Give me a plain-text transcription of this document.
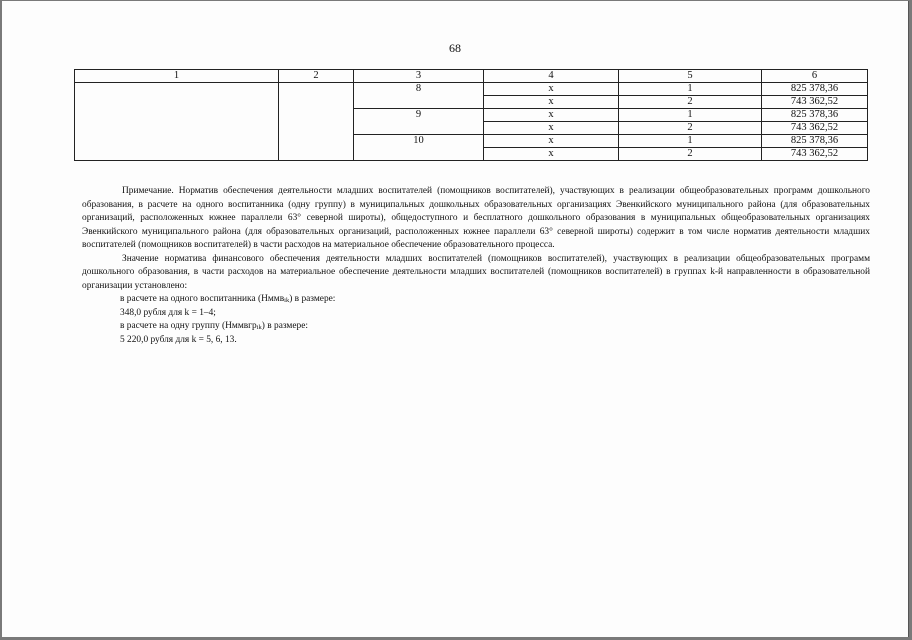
68
1	2	3	4	5	6
		8	х	1	825 378,36
			х	2	743 362,52
		9	х	1	825 378,36
			х	2	743 362,52
		10	х	1	825 378,36
			х	2	743 362,52

Примечание. Норматив обеспечения деятельности младших воспитателей (помощников воспитателей), участвующих в реализации общеобразовательных программ дошкольного образования, в расчете на одного воспитанника (одну группу) в муниципальных дошкольных образовательных организациях Эвенкийского муниципального района (для образовательных организаций, расположенных южнее параллели 63° северной широты), общедоступного и бесплатного дошкольного образования в муниципальных общеобразовательных организациях Эвенкийского муниципального района (для образовательных организаций, расположенных южнее параллели 63° северной широты) содержит в том числе норматив деятельности младших воспитателей (помощников воспитателей) в части расходов на материальное обеспечение образовательного процесса.

Значение норматива финансового обеспечения деятельности младших воспитателей (помощников воспитателей), участвующих в реализации общеобразовательных программ дошкольного образования, в части расходов на материальное обеспечение деятельности младших воспитателей (помощников воспитателей) в группах k-й направленности в образовательной организации установлено:

в расчете на одного воспитанника (Нммв$_{ik}$) в размере:

348,0 рубля для k = 1–4;

в расчете на одну группу (Нммвгр$_{ik}$) в размере:

5 220,0 рубля для k = 5, 6, 13.
